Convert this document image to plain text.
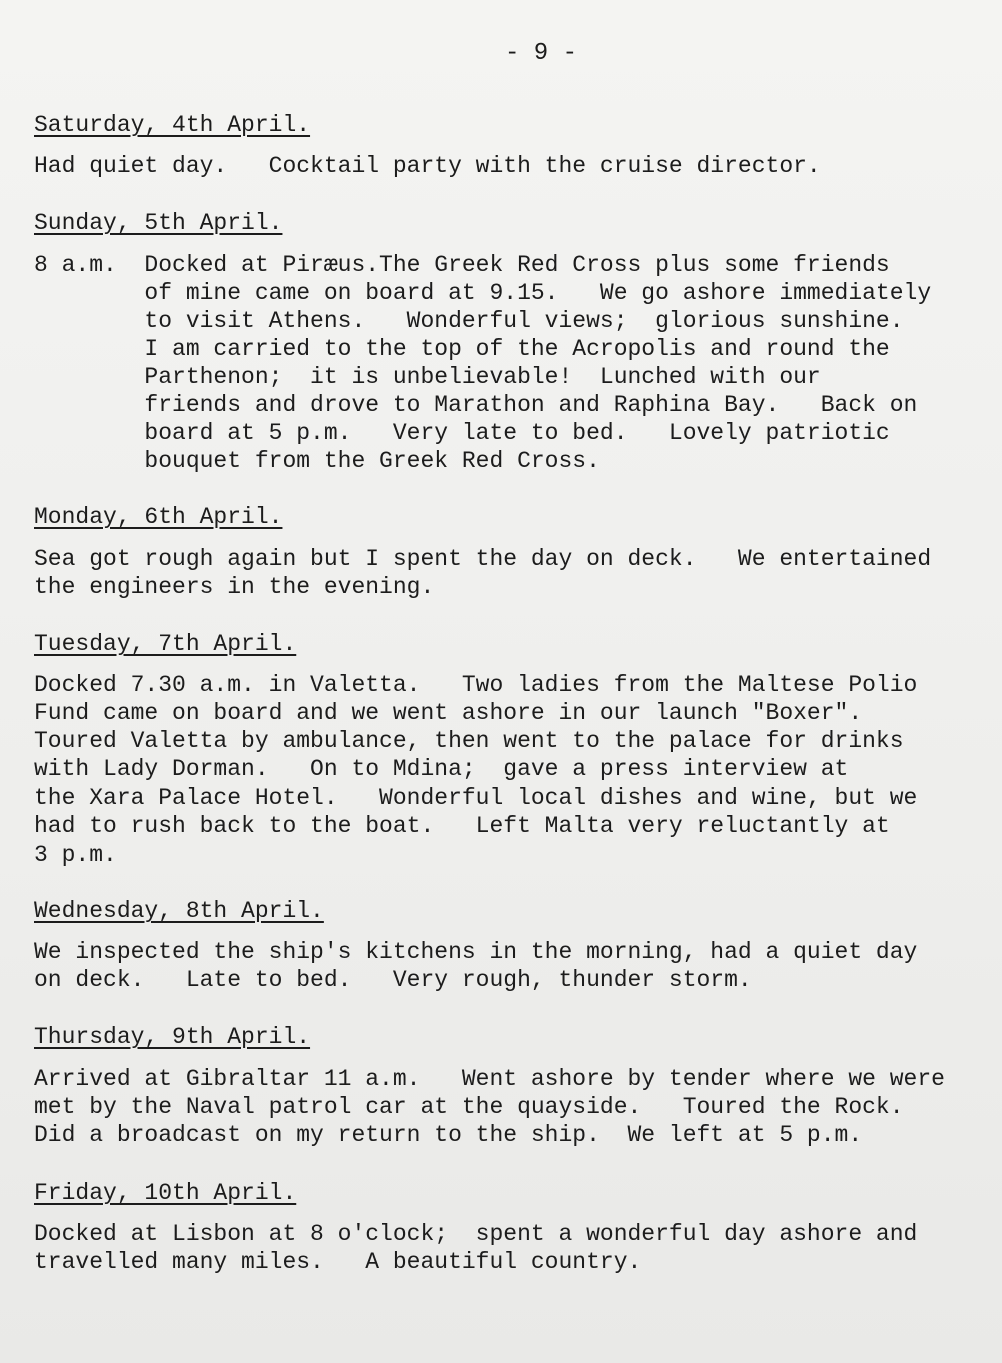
- 9 -
Saturday, 4th April.
Had quiet day.   Cocktail party with the cruise director.
Sunday, 5th April.
8 a.m.  Docked at Piræus.The Greek Red Cross plus some friends
of mine came on board at 9.15.   We go ashore immediately
to visit Athens.   Wonderful views;  glorious sunshine.
I am carried to the top of the Acropolis and round the
Parthenon;  it is unbelievable!  Lunched with our
friends and drove to Marathon and Raphina Bay.   Back on
board at 5 p.m.   Very late to bed.   Lovely patriotic
bouquet from the Greek Red Cross.
Monday, 6th April.
Sea got rough again but I spent the day on deck.   We entertained
the engineers in the evening.
Tuesday, 7th April.
Docked 7.30 a.m. in Valetta.   Two ladies from the Maltese Polio
Fund came on board and we went ashore in our launch "Boxer".
Toured Valetta by ambulance, then went to the palace for drinks
with Lady Dorman.   On to Mdina;  gave a press interview at
the Xara Palace Hotel.   Wonderful local dishes and wine, but we
had to rush back to the boat.   Left Malta very reluctantly at
3 p.m.
Wednesday, 8th April.
We inspected the ship's kitchens in the morning, had a quiet day
on deck.   Late to bed.   Very rough, thunder storm.
Thursday, 9th April.
Arrived at Gibraltar 11 a.m.   Went ashore by tender where we were
met by the Naval patrol car at the quayside.   Toured the Rock.
Did a broadcast on my return to the ship.  We left at 5 p.m.
Friday, 10th April.
Docked at Lisbon at 8 o'clock;  spent a wonderful day ashore and
travelled many miles.   A beautiful country.
